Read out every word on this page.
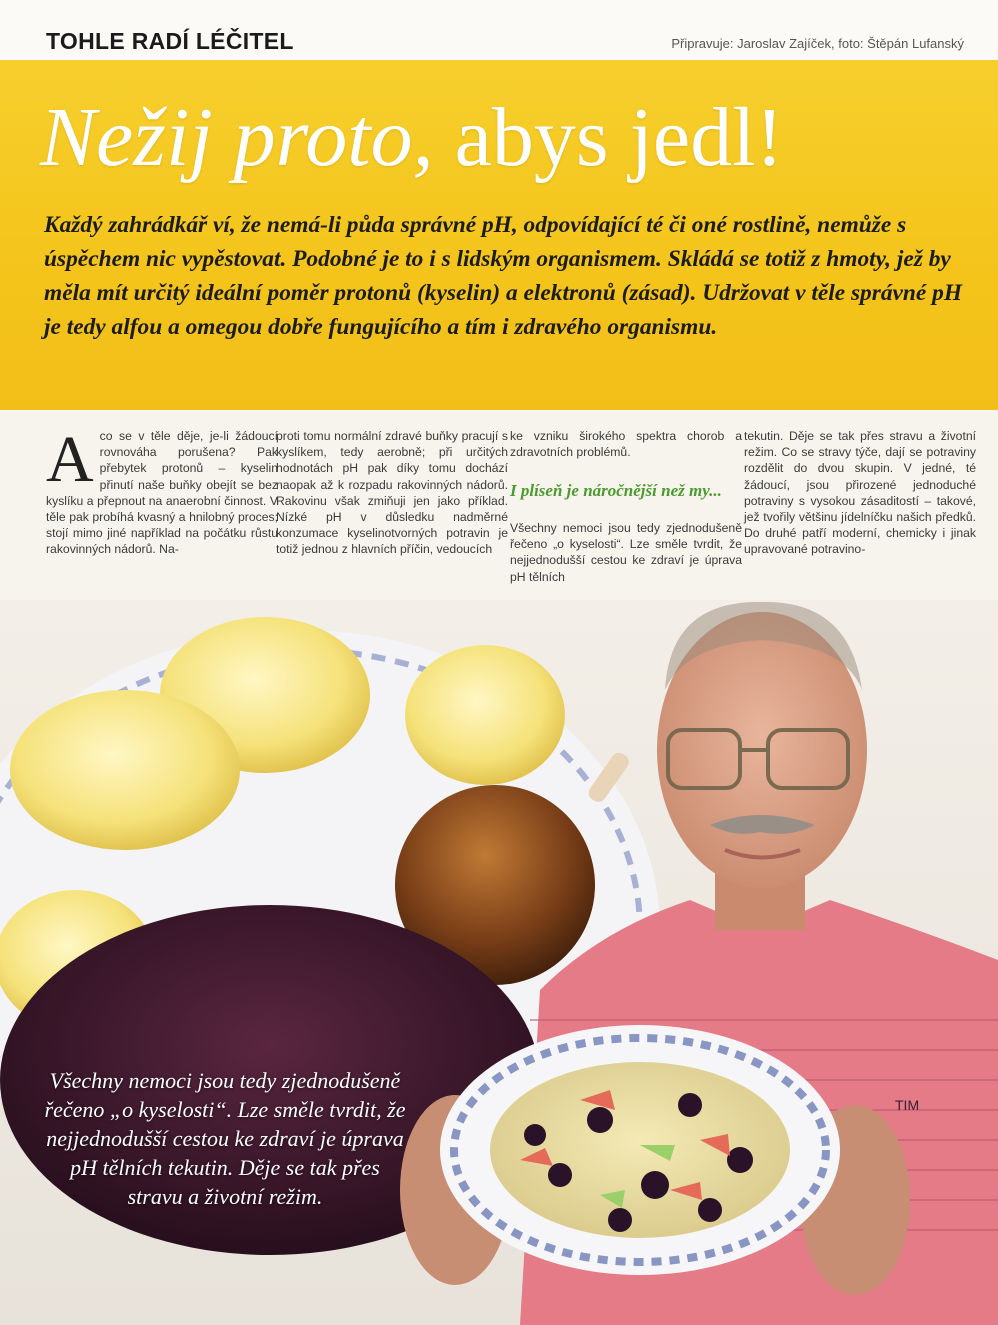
TOHLE RADÍ LÉČITEL	Připravuje: Jaroslav Zajíček, foto: Štěpán Lufanský
Nežij proto, abys jedl!

Každý zahrádkář ví, že nemá-li půda správné pH, odpovídající té či oné rostlině, nemůže s úspěchem nic vypěstovat. Podobné je to i s lidským organismem. Skládá se totiž z hmoty, jež by měla mít určitý ideální poměr protonů (kyselin) a elektronů (zásad). Udržovat v těle správné pH je tedy alfou a omegou dobře fungujícího a tím i zdravého organismu.

Aco se v těle děje, je-li žádoucí rovnováha porušena? Pak přebytek protonů – kyselin přinutí naše buňky obejít se bez kyslíku a přepnout na anaerobní činnost. V těle pak probíhá kvasný a hnilobný proces; stojí mimo jiné například na počátku růstu rakovinných nádorů. Na-

proti tomu normální zdravé buňky pracují s kyslíkem, tedy aerobně; při určitých hodnotách pH pak díky tomu dochází naopak až k rozpadu rakovinných nádorů. Rakovinu však zmiňuji jen jako příklad. Nízké pH v důsledku nadměrné konzumace kyselinotvorných potravin je totiž jednou z hlavních příčin, vedoucích

ke vzniku širokého spektra chorob a zdravotních problémů.

I plíseň je náročnější než my...

Všechny nemoci jsou tedy zjednodušeně řečeno „o kyselosti“. Lze směle tvrdit, že nejjednodušší cestou ke zdraví je úprava pH tělních

tekutin. Děje se tak přes stravu a životní režim. Co se stravy týče, dají se potraviny rozdělit do dvou skupin. V jedné, té žádoucí, jsou přirozené jednoduché potraviny s vysokou zásaditostí – takové, jež tvořily většinu jídelníčku našich předků. Do druhé patří moderní, chemicky i jinak upravované potravino-

TIM

Všechny nemoci jsou tedy zjednodušeně řečeno „o kyselosti“. Lze směle tvrdit, že nejjednodušší cestou ke zdraví je úprava pH tělních tekutin. Děje se tak přes stravu a životní režim.
